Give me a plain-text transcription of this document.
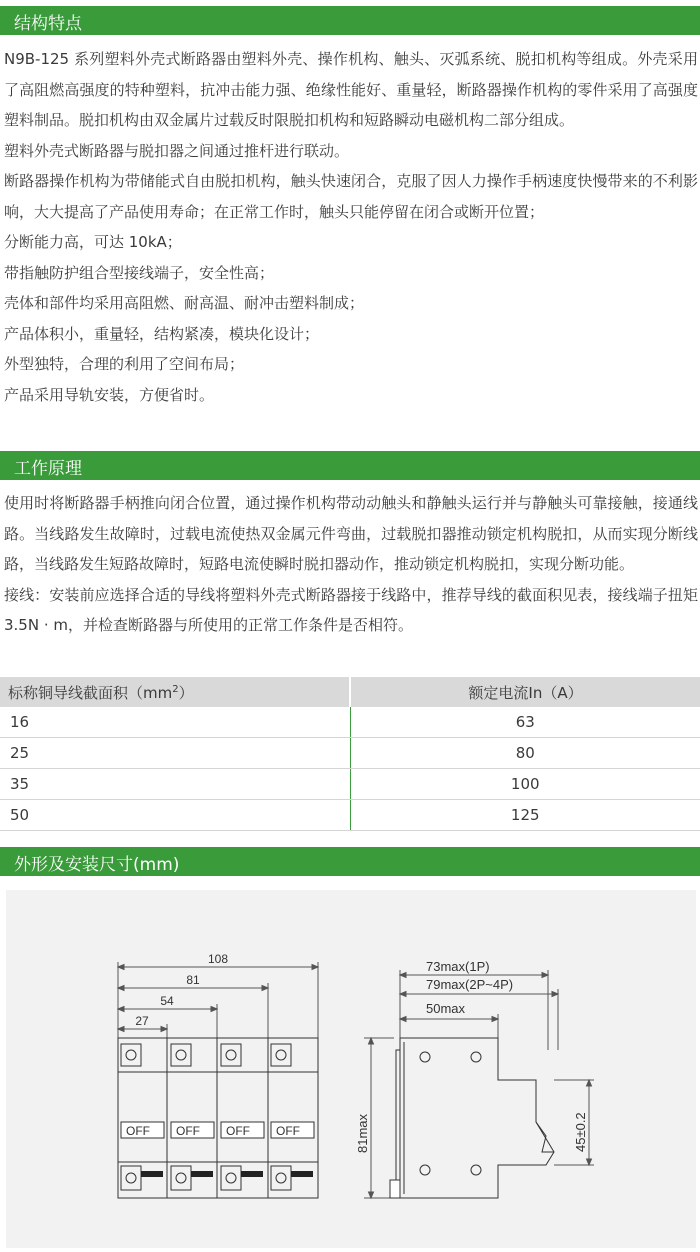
结构特点

N9B-125 系列塑料外壳式断路器由塑料外壳、操作机构、触头、灭弧系统、脱扣机构等组成。外壳采用了高阻燃高强度的特种塑料，抗冲击能力强、绝缘性能好、重量轻，断路器操作机构的零件采用了高强度塑料制品。脱扣机构由双金属片过载反时限脱扣机构和短路瞬动电磁机构二部分组成。

塑料外壳式断路器与脱扣器之间通过推杆进行联动。

断路器操作机构为带储能式自由脱扣机构，触头快速闭合，克服了因人力操作手柄速度快慢带来的不利影响，大大提高了产品使用寿命；在正常工作时，触头只能停留在闭合或断开位置；

分断能力高，可达 10kA；

带指触防护组合型接线端子，安全性高；

壳体和部件均采用高阻燃、耐高温、耐冲击塑料制成；

产品体积小，重量轻，结构紧凑，模块化设计；

外型独特，合理的利用了空间布局；

产品采用导轨安装，方便省时。

工作原理

使用时将断路器手柄推向闭合位置，通过操作机构带动动触头和静触头运行并与静触头可靠接触，接通线路。当线路发生故障时，过载电流使热双金属元件弯曲，过载脱扣器推动锁定机构脱扣，从而实现分断线路，当线路发生短路故障时，短路电流使瞬时脱扣器动作，推动锁定机构脱扣，实现分断功能。

接线：安装前应选择合适的导线将塑料外壳式断路器接于线路中，推荐导线的截面积见表，接线端子扭矩 3.5N · m，并检查断路器与所使用的正常工作条件是否相符。

标称铜导线截面积$(mm^2)$	额定电流In（A）
16	63
25	80
35	100
50	125
外形及安装尺寸(mm)
108
81
54
27
OFF OFF OFF OFF
73max(1P)
79max(2P~4P)
50max
81max	45±0.2
